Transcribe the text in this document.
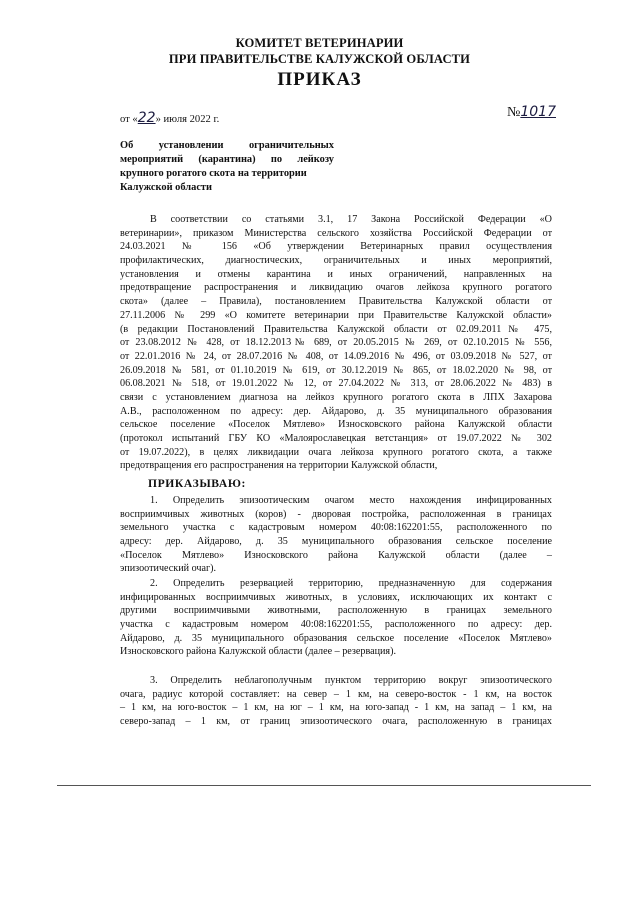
КОМИТЕТ ВЕТЕРИНАРИИ
ПРИ ПРАВИТЕЛЬСТВЕ КАЛУЖСКОЙ ОБЛАСТИ
ПРИКАЗ
от «22» июля 2022 г.	№1017
Об установлении ограничительных
мероприятий (карантина) по лейкозу
крупного рогатого скота на территории
Калужской области
В соответствии со статьями 3.1, 17 Закона Российской Федерации «О
ветеринарии», приказом Министерства сельского хозяйства Российской Федерации от
24.03.2021 № 156 «Об утверждении Ветеринарных правил осуществления
профилактических, диагностических, ограничительных и иных мероприятий,
установления и отмены карантина и иных ограничений, направленных на
предотвращение распространения и ликвидацию очагов лейкоза крупного рогатого
скота» (далее – Правила), постановлением Правительства Калужской области от
27.11.2006 № 299 «О комитете ветеринарии при Правительстве Калужской области»
(в редакции Постановлений Правительства Калужской области от 02.09.2011№ 475,
от 23.08.2012 № 428, от 18.12.2013№ 689, от 20.05.2015 № 269, от 02.10.2015 № 556,
от 22.01.2016 № 24, от 28.07.2016 № 408, от 14.09.2016 № 496, от 03.09.2018 № 527, от
26.09.2018 № 581, от 01.10.2019 № 619, от 30.12.2019 № 865, от 18.02.2020 № 98, от
06.08.2021 № 518, от 19.01.2022 № 12, от 27.04.2022 № 313, от 28.06.2022 № 483) в
связи с установлением диагноза на лейкоз крупного рогатого скота в ЛПХ Захарова
А.В., расположенном по адресу: дер. Айдарово, д. 35 муниципального образования
сельское поселение «Поселок Мятлево» Износковского района Калужской области
(протокол испытаний ГБУ КО «Малоярославецкая ветстанция» от 19.07.2022 № 302
от 19.07.2022), в целях ликвидации очага лейкоза крупного рогатого скота, а также
предотвращения его распространения на территории Калужской области,
ПРИКАЗЫВАЮ:
1. Определить эпизоотическим очагом место нахождения инфицированных
восприимчивых животных (коров) - дворовая постройка, расположенная в границах
земельного участка с кадастровым номером 40:08:162201:55, расположенного по
адресу: дер. Айдарово, д. 35 муниципального образования сельское поселение
«Поселок Мятлево» Износковского района Калужской области (далее –
эпизоотический очаг).
2. Определить резервацией территорию, предназначенную для содержания
инфицированных восприимчивых животных, в условиях, исключающих их контакт с
другими восприимчивыми животными, расположенную в границах земельного
участка с кадастровым номером 40:08:162201:55, расположенного по адресу: дер.
Айдарово, д. 35 муниципального образования сельское поселение «Поселок Мятлево»
Износковского района Калужской области (далее – резервация).
3. Определить неблагополучным пунктом территорию вокруг эпизоотического
очага, радиус которой составляет: на север – 1 км, на северо-восток - 1 км, на восток
– 1 км, на юго-восток – 1 км, на юг – 1 км, на юго-запад - 1 км, на запад – 1 км, на
северо-запад – 1 км, от границ эпизоотического очага, расположенную в границах
